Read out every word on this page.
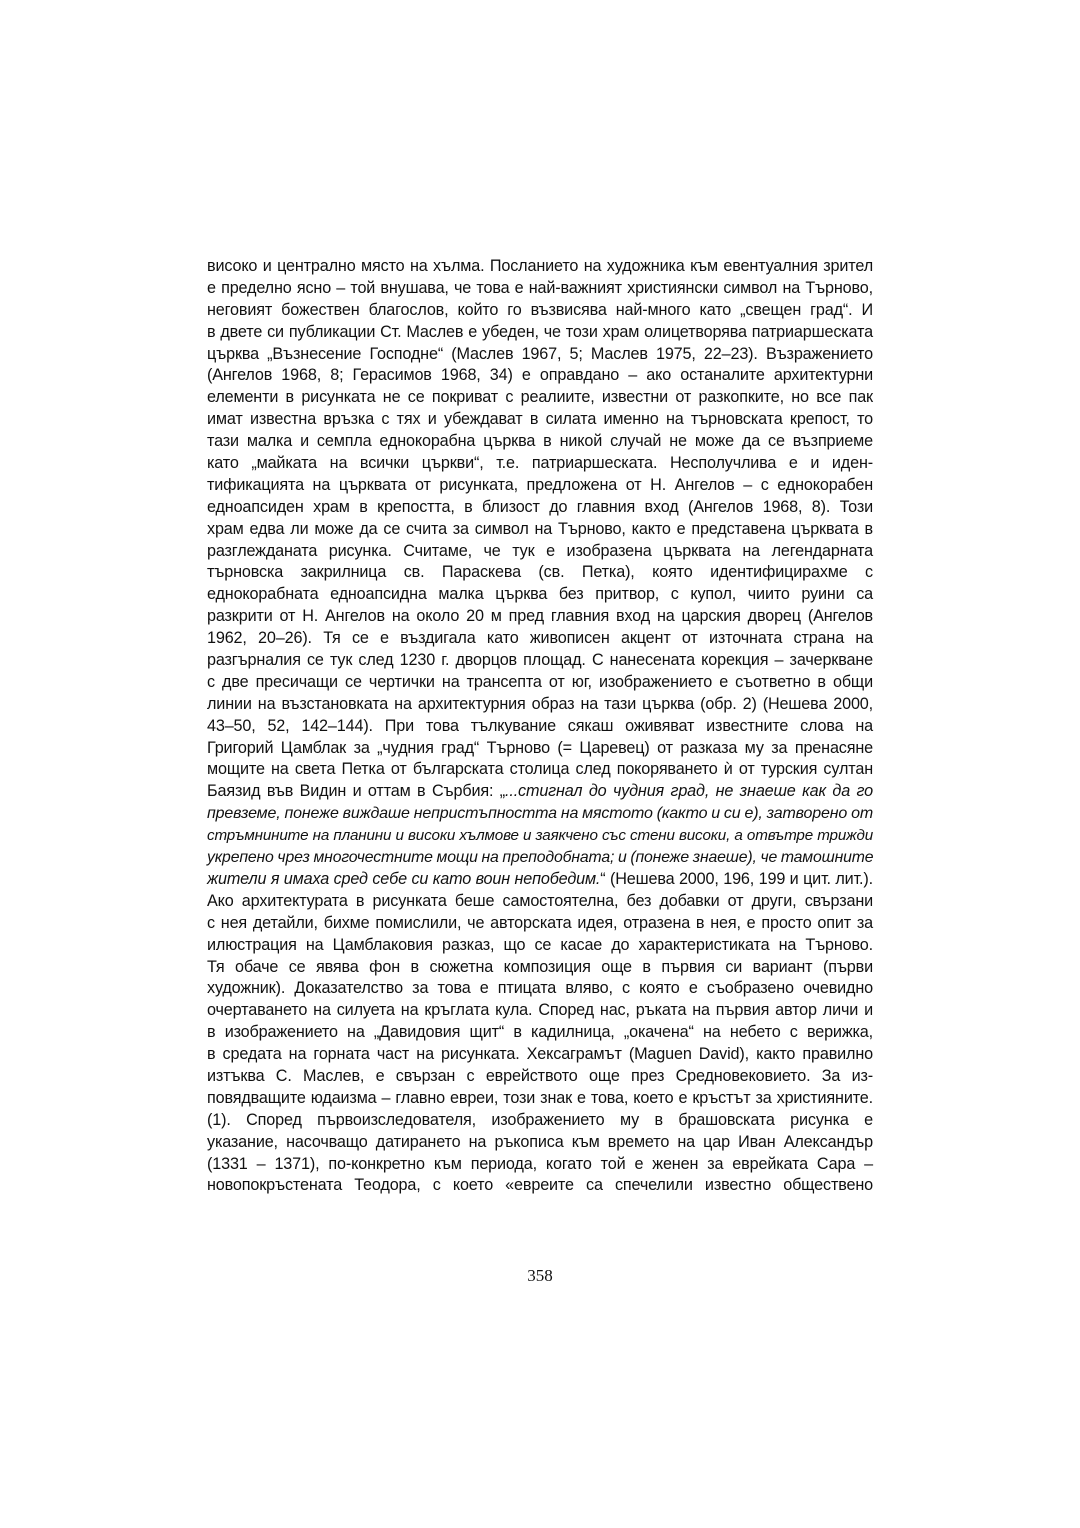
високо и централно място на хълма. Посланието на художника към евентуалния зрител
е пределно ясно – той внушава, че това е най-важният християнски символ на Търново,
неговият божествен благослов, който го възвисява най-много като „свещен град“. И
в двете си публикации Ст. Маслев е убеден, че този храм олицетворява патриаршеската
църква „Възнесение Господне“ (Маслев 1967, 5; Маслев 1975, 22–23). Възражението
(Ангелов 1968, 8; Герасимов 1968, 34) е оправдано – ако останалите архитектурни
елементи в рисунката не се покриват с реалиите, известни от разкопките, но все пак
имат известна връзка с тях и убеждават в силата именно на търновската крепост, то
тази малка и семпла еднокорабна църква в никой случай не може да се възприеме
като „майката на всички църкви“, т.е. патриаршеската. Несполучлива е и иден-
тификацията на църквата от рисунката, предложена от Н. Ангелов – с еднокорабен
едноапсиден храм в крепостта, в близост до главния вход (Ангелов 1968, 8). Този
храм едва ли може да се счита за символ на Търново, както е представена църквата в
разглежданата рисунка. Считаме, че тук е изобразена църквата на легендарната
търновска закрилница св. Параскева (св. Петка), която идентифицирахме с
еднокорабната едноапсидна малка църква без притвор, с купол, чиито руини са
разкрити от Н. Ангелов на около 20 м пред главния вход на царския дворец (Ангелов
1962, 20–26). Тя се е въздигала като живописен акцент от източната страна на
разгърналия се тук след 1230 г. дворцов площад. С нанесената корекция – зачеркване
с две пресичащи се чертички на трансепта от юг, изображението е съответно в общи
линии на възстановката на архитектурния образ на тази църква (обр. 2) (Нешева 2000,
43–50, 52, 142–144). При това тълкувание сякаш оживяват известните слова на
Григорий Цамблак за „чудния град“ Търново (= Царевец) от разказа му за пренасяне
мощите на света Петка от българската столица след покоряването ѝ от турския султан
Баязид във Видин и оттам в Сърбия: „...стигнал до чудния град, не знаеше как да го
превземе, понеже виждаше непристъпността на мястото (както и си е), затворено от
стръмнините на планини и високи хълмове и заякчено със стени високи, а отвътре трижди
укрепено чрез многочестните мощи на преподобната; и (понеже знаеше), че тамошните
жители я имаха сред себе си като воин непобедим.“ (Нешева 2000, 196, 199 и цит. лит.).
Ако архитектурата в рисунката беше самостоятелна, без добавки от други, свързани
с нея детайли, бихме помислили, че авторската идея, отразена в нея, е просто опит за
илюстрация на Цамблаковия разказ, що се касае до характеристиката на Търново.
Тя обаче се явява фон в сюжетна композиция още в първия си вариант (първи
художник). Доказателство за това е птицата вляво, с която е съобразено очевидно
очертаването на силуета на кръглата кула. Според нас, ръката на първия автор личи и
в изображението на „Давидовия щит“ в кадилница, „окачена“ на небето с верижка,
в средата на горната част на рисунката. Хексаграмът (Maguen David), както правилно
изтъква С. Маслев, е свързан с еврейството още през Средновековието. За из-
повядващите юдаизма – главно евреи, този знак е това, което е кръстът за християните.
(1). Според първоизследователя, изображението му в брашовската рисунка е
указание, насочващо датирането на ръкописа към времето на цар Иван Александър
(1331 – 1371), по-конкретно към периода, когато той е женен за еврейката Сара –
новопокръстената Теодора, с което «евреите са спечелили известно обществено
358
